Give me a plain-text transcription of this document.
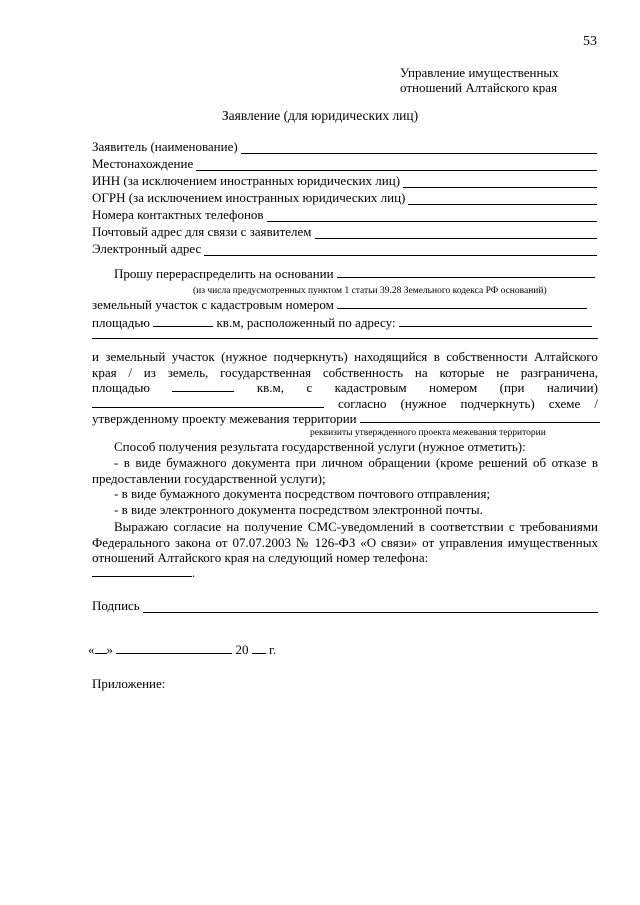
53
Управление имущественных
отношений Алтайского края
Заявление (для юридических лиц)
Заявитель (наименование)
Местонахождение
ИНН (за исключением иностранных юридических лиц)
ОГРН (за исключением иностранных юридических лиц)
Номера контактных телефонов
Почтовый адрес для связи с заявителем
Электронный адрес
Прошу перераспределить на основании
(из числа предусмотренных пунктом 1 статьи 39.28 Земельного кодекса РФ оснований)
земельный участок с кадастровым номером
площадью	кв.м, расположенный по адресу:
и земельный участок (нужное подчеркнуть) находящийся в собственности Алтайского
края / из земель, государственная собственность на которые не разграничена,
площадью	кв.м, с кадастровым номером (при наличии)
согласно (нужное подчеркнуть) схеме /
утвержденному проекту межевания территории
реквизиты утвержденного проекта межевания территории
Способ получения результата государственной услуги (нужное отметить):
- в виде бумажного документа при личном обращении (кроме решений об отказе в предоставлении государственной услуги);
- в виде бумажного документа посредством почтового отправления;
- в виде электронного документа посредством электронной почты.
Выражаю согласие на получение СМС-уведомлений в соответствии с требованиями Федерального закона от 07.07.2003 № 126-ФЗ «О связи» от управления имущественных отношений Алтайского края на следующий номер телефона:
.
Подпись
« »	20 г.
Приложение:
